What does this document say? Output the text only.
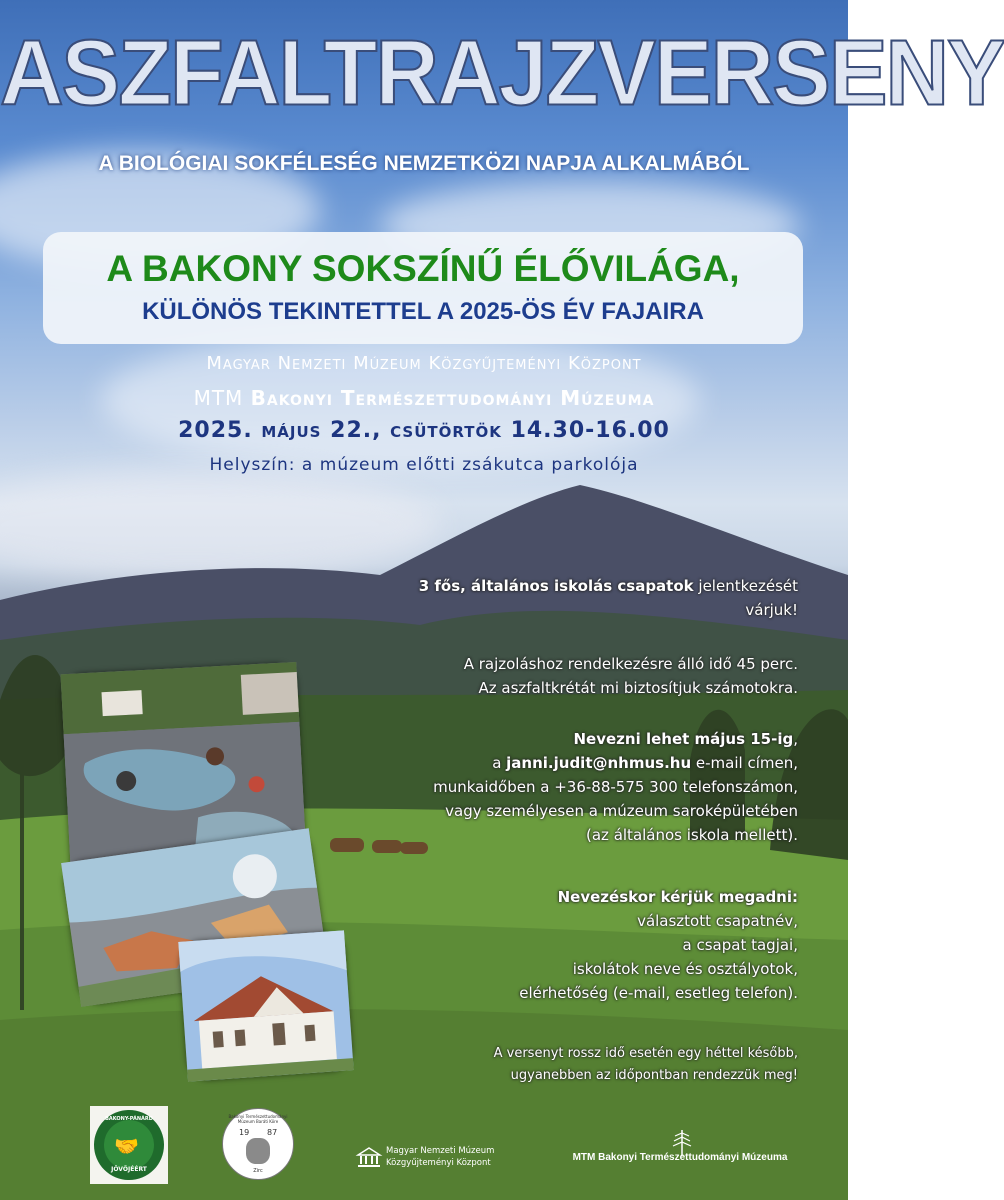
ASZFALTRAJZVERSENY
A BIOLÓGIAI SOKFÉLESÉG NEMZETKÖZI NAPJA ALKALMÁBÓL
A BAKONY SOKSZÍNŰ ÉLŐVILÁGA,
KÜLÖNÖS TEKINTETTEL A 2025-ÖS ÉV FAJAIRA
Magyar Nemzeti Múzeum Közgyűjteményi Központ
MTM Bakonyi Természettudományi Múzeuma
2025. május 22., csütörtök 14.30-16.00
Helyszín: a múzeum előtti zsákutca parkolója
3 fős, általános iskolás csapatok jelentkezését
várjuk!
A rajzoláshoz rendelkezésre álló idő 45 perc.
Az aszfaltkrétát mi biztosítjuk számotokra.
Nevezni lehet május 15-ig,
a janni.judit@nhmus.hu e-mail címen,
munkaidőben a +36-88-575 300 telefonszámon,
vagy személyesen a múzeum saroképületében
(az általános iskola mellett).
Nevezéskor kérjük megadni:
választott csapatnév,
a csapat tagjai,
iskolátok neve és osztályotok,
elérhetőség (e-mail, esetleg telefon).
A versenyt rossz idő esetén egy héttel később,
ugyanebben az időpontban rendezzük meg!
BAKONY-PÁNÁRD
🤝
JÖVŐJÉÉRT
Bakonyi Természettudományi Múzeum Baráti Köre
19 87
Zirc
Magyar Nemzeti Múzeum
Közgyűjteményi Központ	MTM Bakonyi Természettudományi Múzeuma
